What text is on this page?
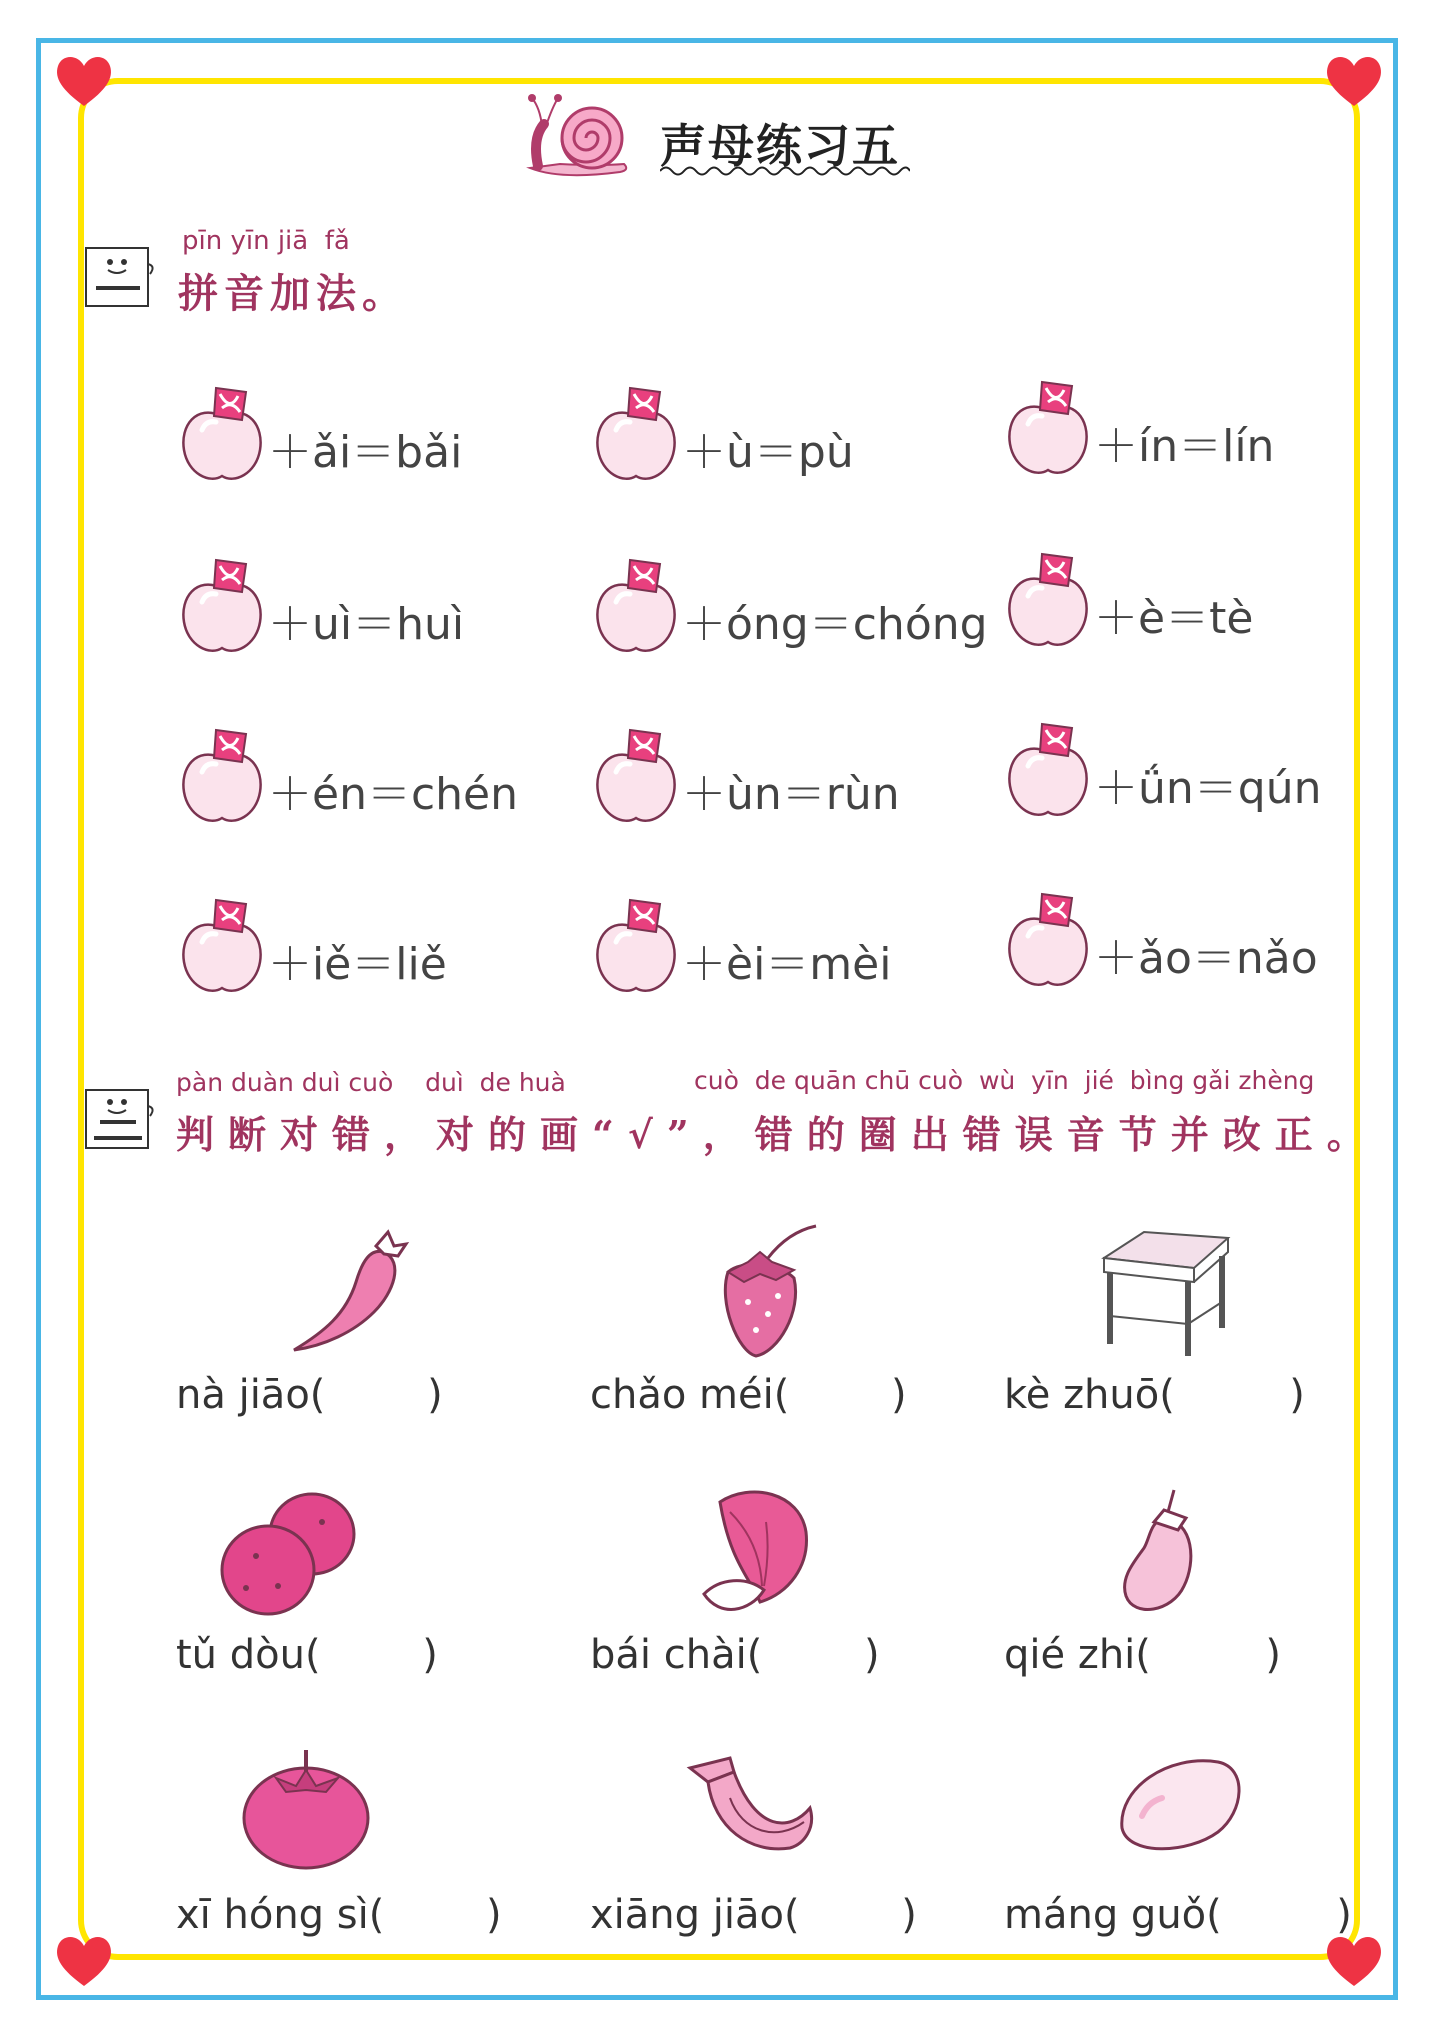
声母练习五
pīn yīn jiā  fǎ
拼音加法。
＋ǎi＝bǎi	＋ù＝pù	＋ín＝lín
＋uì＝huì	＋óng＝chóng ＋è＝tè
＋én＝chén	＋ùn＝rùn	＋ǘn＝qún
＋iě＝liě	＋èi＝mèi	＋ǎo＝nǎo
pàn duàn duì cuò    duì  de huà	cuò  de quān chū cuò  wù  yīn  jié  bìng gǎi zhèng
判断对错，对的画“√”，错的圈出错误音节并改正。
nà jiāo(        )	chǎo méi(        ) kè zhuō(         )
tǔ dòu(        )	bái chài(        )	qié zhi(         )
xī hóng sì(        ) xiāng jiāo(        ) máng guǒ(         )
